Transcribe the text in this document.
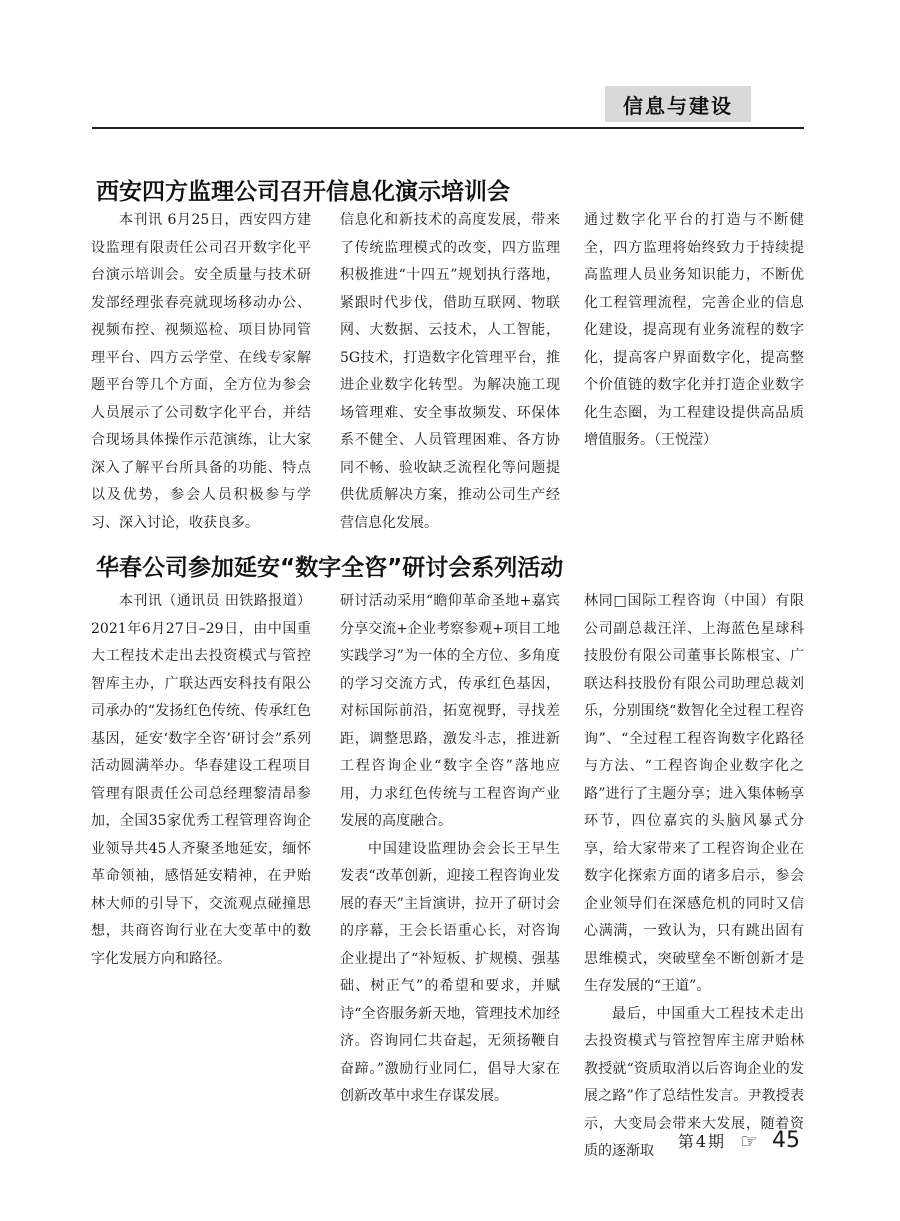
信息与建设
西安四方监理公司召开信息化演示培训会

本刊讯 6月25日，西安四方建设监理有限责任公司召开数字化平台演示培训会。安全质量与技术研发部经理张春亮就现场移动办公、视频布控、视频巡检、项目协同管理平台、四方云学堂、在线专家解题平台等几个方面，全方位为参会人员展示了公司数字化平台，并结合现场具体操作示范演练，让大家深入了解平台所具备的功能、特点以及优势，参会人员积极参与学习、深入讨论，收获良多。

信息化和新技术的高度发展，带来了传统监理模式的改变，四方监理积极推进“十四五”规划执行落地，紧跟时代步伐，借助互联网、物联网、大数据、云技术，人工智能，5G技术，打造数字化管理平台，推进企业数字化转型。为解决施工现场管理难、安全事故频发、环保体系不健全、人员管理困难、各方协同不畅、验收缺乏流程化等问题提供优质解决方案，推动公司生产经营信息化发展。

通过数字化平台的打造与不断健全，四方监理将始终致力于持续提高监理人员业务知识能力，不断优化工程管理流程，完善企业的信息化建设，提高现有业务流程的数字化，提高客户界面数字化，提高整个价值链的数字化并打造企业数字化生态圈，为工程建设提供高品质增值服务。（王悦滢）

华春公司参加延安“数字全咨”研讨会系列活动

本刊讯（通讯员 田铁路报道）2021年6月27日–29日，由中国重大工程技术走出去投资模式与管控智库主办，广联达西安科技有限公司承办的“发扬红色传统、传承红色基因，延安‘数字全咨’研讨会”系列活动圆满举办。华春建设工程项目管理有限责任公司总经理黎清昂参加，全国35家优秀工程管理咨询企业领导共45人齐聚圣地延安，缅怀革命领袖，感悟延安精神，在尹贻林大师的引导下，交流观点碰撞思想，共商咨询行业在大变革中的数字化发展方向和路径。

研讨活动采用“瞻仰革命圣地+嘉宾分享交流+企业考察参观+项目工地实践学习”为一体的全方位、多角度的学习交流方式，传承红色基因，对标国际前沿，拓宽视野，寻找差距，调整思路，激发斗志，推进新工程咨询企业“数字全咨”落地应用，力求红色传统与工程咨询产业发展的高度融合。

中国建设监理协会会长王早生发表“改革创新，迎接工程咨询业发展的春天”主旨演讲，拉开了研讨会的序幕，王会长语重心长，对咨询企业提出了“补短板、扩规模、强基础、树正气”的希望和要求，并赋诗“全咨服务新天地，管理技术加经济。咨询同仁共奋起，无须扬鞭自奋蹄。”激励行业同仁，倡导大家在创新改革中求生存谋发展。

林同□国际工程咨询（中国）有限公司副总裁汪洋、上海蓝色星球科技股份有限公司董事长陈根宝、广联达科技股份有限公司助理总裁刘乐，分别围绕“数智化全过程工程咨询”、“全过程工程咨询数字化路径与方法、“工程咨询企业数字化之路”进行了主题分享；进入集体畅享环节，四位嘉宾的头脑风暴式分享，给大家带来了工程咨询企业在数字化探索方面的诸多启示，参会企业领导们在深感危机的同时又信心满满，一致认为，只有跳出固有思维模式，突破壁垒不断创新才是生存发展的“王道”。

最后，中国重大工程技术走出去投资模式与管控智库主席尹贻林教授就“资质取消以后咨询企业的发展之路”作了总结性发言。尹教授表示，大变局会带来大发展，随着资质的逐渐取	第4期 ☞ 45
